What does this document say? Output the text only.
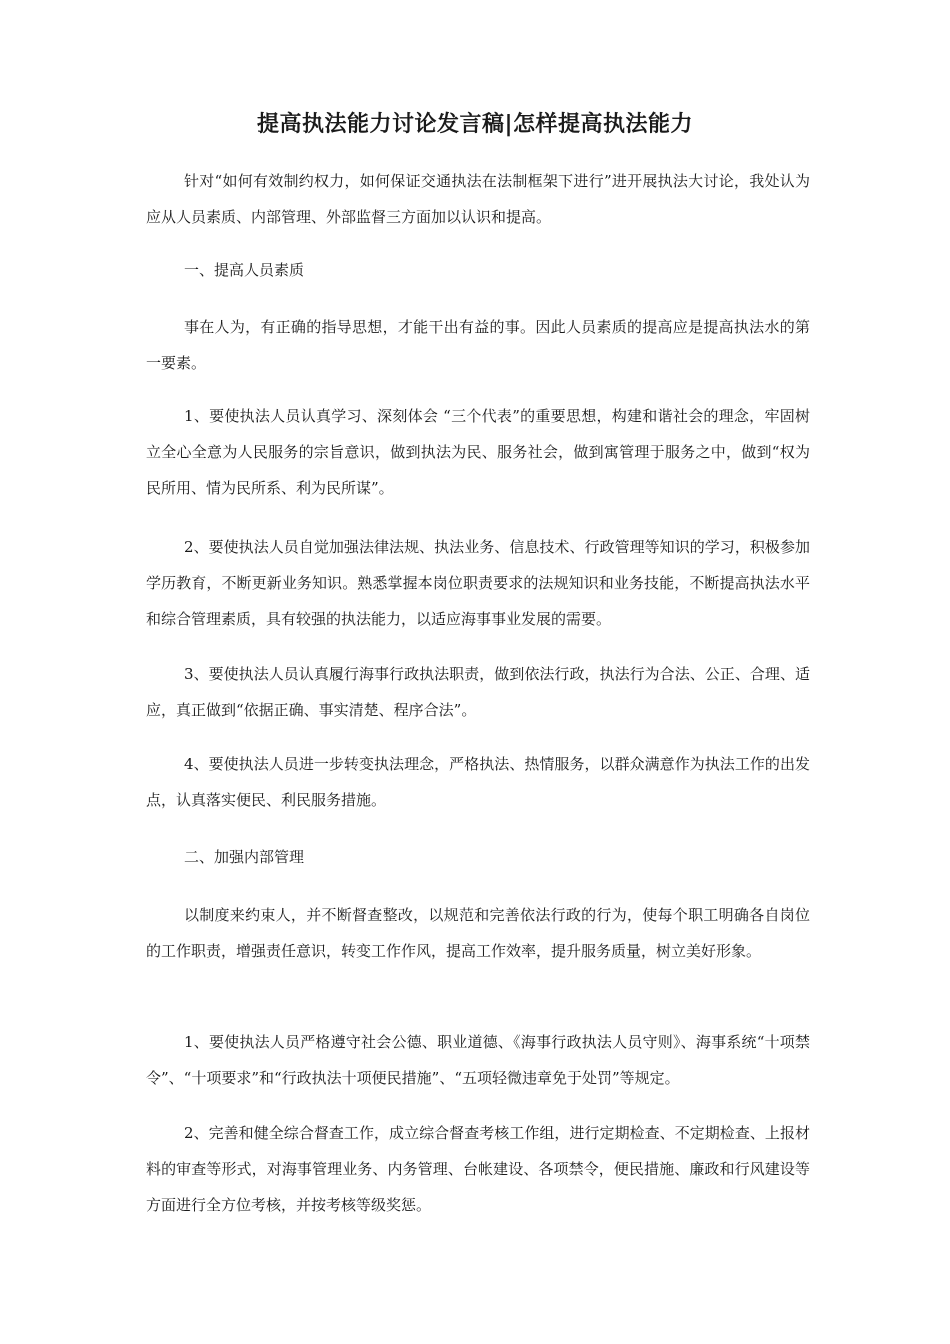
提高执法能力讨论发言稿|怎样提高执法能力

针对“如何有效制约权力，如何保证交通执法在法制框架下进行”进开展执法大讨论，我处认为应从人员素质、内部管理、外部监督三方面加以认识和提高。

一、提高人员素质

事在人为，有正确的指导思想，才能干出有益的事。因此人员素质的提高应是提高执法水的第一要素。

1、要使执法人员认真学习、深刻体会 “三个代表”的重要思想，构建和谐社会的理念，牢固树立全心全意为人民服务的宗旨意识，做到执法为民、服务社会，做到寓管理于服务之中，做到“权为民所用、情为民所系、利为民所谋”。

2、要使执法人员自觉加强法律法规、执法业务、信息技术、行政管理等知识的学习，积极参加学历教育，不断更新业务知识。熟悉掌握本岗位职责要求的法规知识和业务技能，不断提高执法水平和综合管理素质，具有较强的执法能力，以适应海事事业发展的需要。

3、要使执法人员认真履行海事行政执法职责，做到依法行政，执法行为合法、公正、合理、适应，真正做到“依据正确、事实清楚、程序合法”。

4、要使执法人员进一步转变执法理念，严格执法、热情服务，以群众满意作为执法工作的出发点，认真落实便民、利民服务措施。

二、加强内部管理

以制度来约束人，并不断督查整改，以规范和完善依法行政的行为，使每个职工明确各自岗位的工作职责，增强责任意识，转变工作作风，提高工作效率，提升服务质量，树立美好形象。

1、要使执法人员严格遵守社会公德、职业道德、《海事行政执法人员守则》、海事系统“十项禁令”、“十项要求”和“行政执法十项便民措施”、“五项轻微违章免于处罚”等规定。

2、完善和健全综合督查工作，成立综合督查考核工作组，进行定期检查、不定期检查、上报材料的审查等形式，对海事管理业务、内务管理、台帐建设、各项禁令，便民措施、廉政和行风建设等方面进行全方位考核，并按考核等级奖惩。
